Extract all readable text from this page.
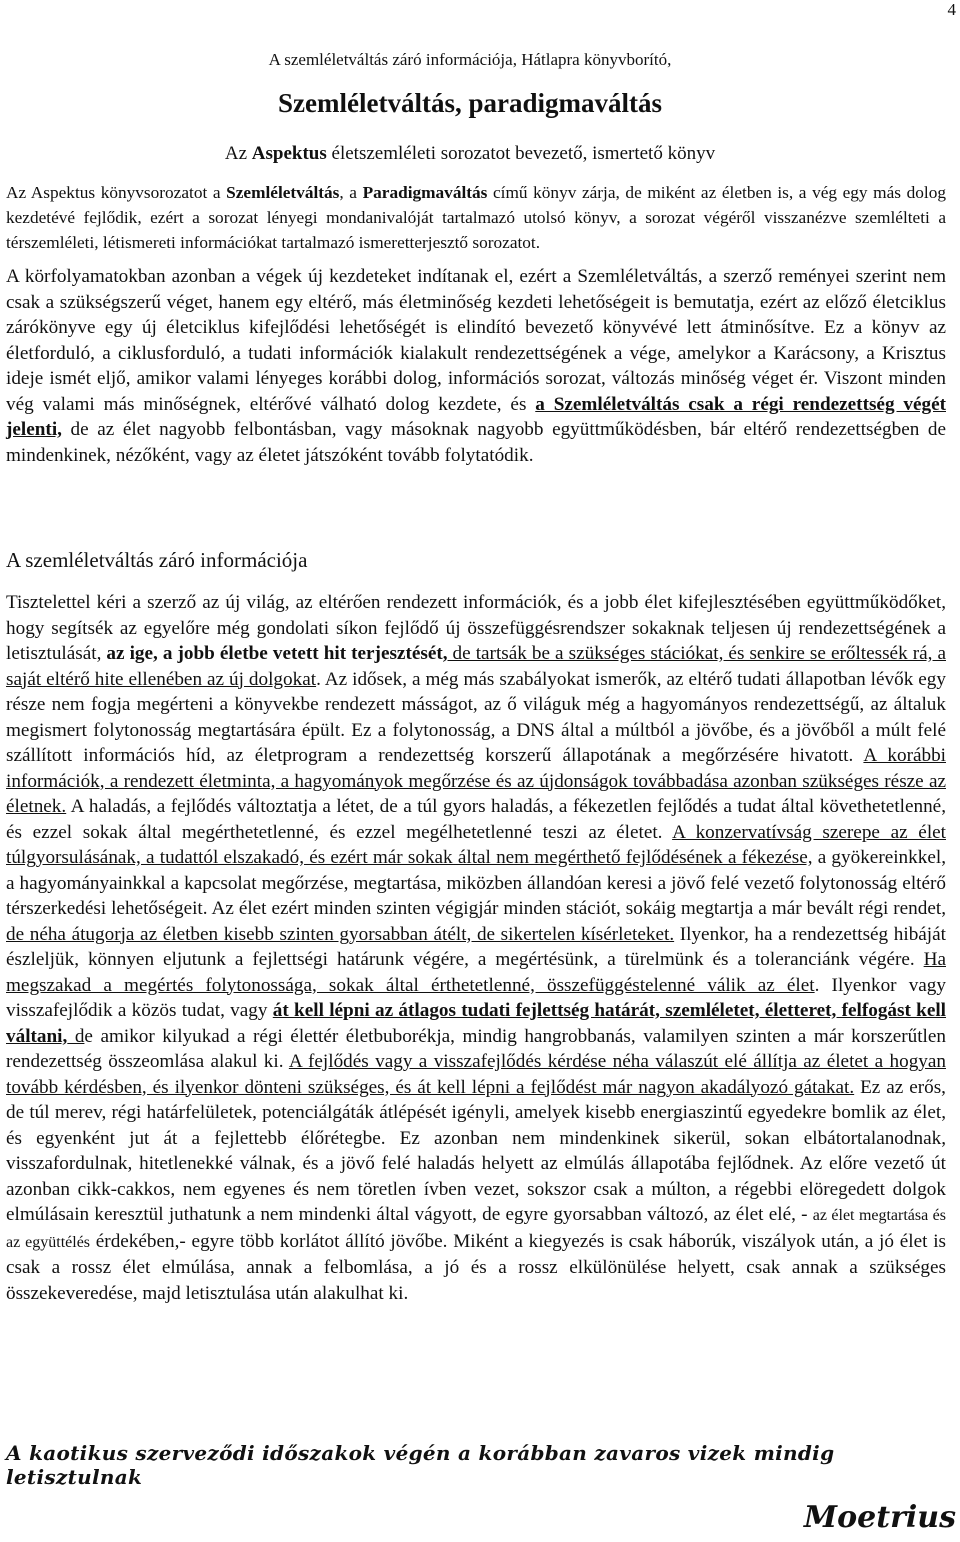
4
A szemléletváltás záró információja, Hátlapra könyvborító,
Szemléletváltás, paradigmaváltás
Az Aspektus életszemléleti sorozatot bevezető, ismertető könyv
Az Aspektus könyvsorozatot a Szemléletváltás, a Paradigmaváltás című könyv zárja, de miként az életben is, a vég egy más dolog kezdetévé fejlődik, ezért a sorozat lényegi mondanivalóját tartalmazó utolsó könyv, a sorozat végéről visszanézve szemlélteti a térszemléleti, létismereti információkat tartalmazó ismeretterjesztő sorozatot.
A körfolyamatokban azonban a végek új kezdeteket indítanak el, ezért a Szemléletváltás, a szerző reményei szerint nem csak a szükségszerű véget, hanem egy eltérő, más életminőség kezdeti lehetőségeit is bemutatja, ezért az előző életciklus zárókönyve egy új életciklus kifejlődési lehetőségét is elindító bevezető könyvévé lett átminősítve. Ez a könyv az életforduló, a ciklusforduló, a tudati információk kialakult rendezettségének a vége, amelykor a Karácsony, a Krisztus ideje ismét eljő, amikor valami lényeges korábbi dolog, információs sorozat, változás minőség véget ér. Viszont minden vég valami más minőségnek, eltérővé válható dolog kezdete, és a Szemléletváltás csak a régi rendezettség végét jelenti, de az élet nagyobb felbontásban, vagy másoknak nagyobb együttműködésben, bár eltérő rendezettségben de mindenkinek, nézőként, vagy az életet játszóként tovább folytatódik.
A szemléletváltás záró információja
Tisztelettel kéri a szerző az új világ, az eltérően rendezett információk, és a jobb élet kifejlesztésében együttműködőket, hogy segítsék az egyelőre még gondolati síkon fejlődő új összefüggésrendszer sokaknak teljesen új rendezettségének a letisztulását, az ige, a jobb életbe vetett hit terjesztését, de tartsák be a szükséges stációkat, és senkire se erőltessék rá, a saját eltérő hite ellenében az új dolgokat. Az idősek, a még más szabályokat ismerők, az eltérő tudati állapotban lévők egy része nem fogja megérteni a könyvekbe rendezett másságot, az ő világuk még a hagyományos rendezettségű, az általuk megismert folytonosság megtartására épült. Ez a folytonosság, a DNS által a múltból a jövőbe, és a jövőből a múlt felé szállított információs híd, az életprogram a rendezettség korszerű állapotának a megőrzésére hivatott. A korábbi információk, a rendezett életminta, a hagyományok megőrzése és az újdonságok továbbadása azonban szükséges része az életnek. A haladás, a fejlődés változtatja a létet, de a túl gyors haladás, a fékezetlen fejlődés a tudat által követhetetlenné, és ezzel sokak által megérthetetlenné, és ezzel megélhetetlenné teszi az életet. A konzervatívság szerepe az élet túlgyorsulásának, a tudattól elszakadó, és ezért már sokak által nem megérthető fejlődésének a fékezése, a gyökereinkkel, a hagyományainkkal a kapcsolat megőrzése, megtartása, miközben állandóan keresi a jövő felé vezető folytonosság eltérő térszerkedési lehetőségeit. Az élet ezért minden szinten végigjár minden stációt, sokáig megtartja a már bevált régi rendet, de néha átugorja az életben kisebb szinten gyorsabban átélt, de sikertelen kísérleteket. Ilyenkor, ha a rendezettség hibáját észleljük, könnyen eljutunk a fejlettségi határunk végére, a megértésünk, a türelmünk és a toleranciánk végére. Ha megszakad a megértés folytonossága, sokak által érthetetlenné, összefüggéstelenné válik az élet. Ilyenkor vagy visszafejlődik a közös tudat, vagy át kell lépni az átlagos tudati fejlettség határát, szemléletet, életteret, felfogást kell váltani, de amikor kilyukad a régi élettér életbuborékja, mindig hangrobbanás, valamilyen szinten a már korszerűtlen rendezettség összeomlása alakul ki. A fejlődés vagy a visszafejlődés kérdése néha válaszút elé állítja az életet a hogyan tovább kérdésben, és ilyenkor dönteni szükséges, és át kell lépni a fejlődést már nagyon akadályozó gátakat. Ez az erős, de túl merev, régi határfelületek, potenciálgáták átlépését igényli, amelyek kisebb energiaszintű egyedekre bomlik az élet, és egyenként jut át a fejlettebb élőrétegbe. Ez azonban nem mindenkinek sikerül, sokan elbátortalanodnak, visszafordulnak, hitetlenekké válnak, és a jövő felé haladás helyett az elmúlás állapotába fejlődnek. Az előre vezető út azonban cikk-cakkos, nem egyenes és nem töretlen ívben vezet, sokszor csak a múlton, a régebbi elöregedett dolgok elmúlásain keresztül juthatunk a nem mindenki által vágyott, de egyre gyorsabban változó, az élet elé, - az élet megtartása és az együttélés érdekében,- egyre több korlátot állító jövőbe. Miként a kiegyezés is csak háborúk, viszályok után, a jó élet is csak a rossz élet elmúlása, annak a felbomlása, a jó és a rossz elkülönülése helyett, csak annak a szükséges összekeveredése, majd letisztulása után alakulhat ki.
A kaotikus szerveződi időszakok végén a korábban zavaros vizek mindig letisztulnak
Moetrius
